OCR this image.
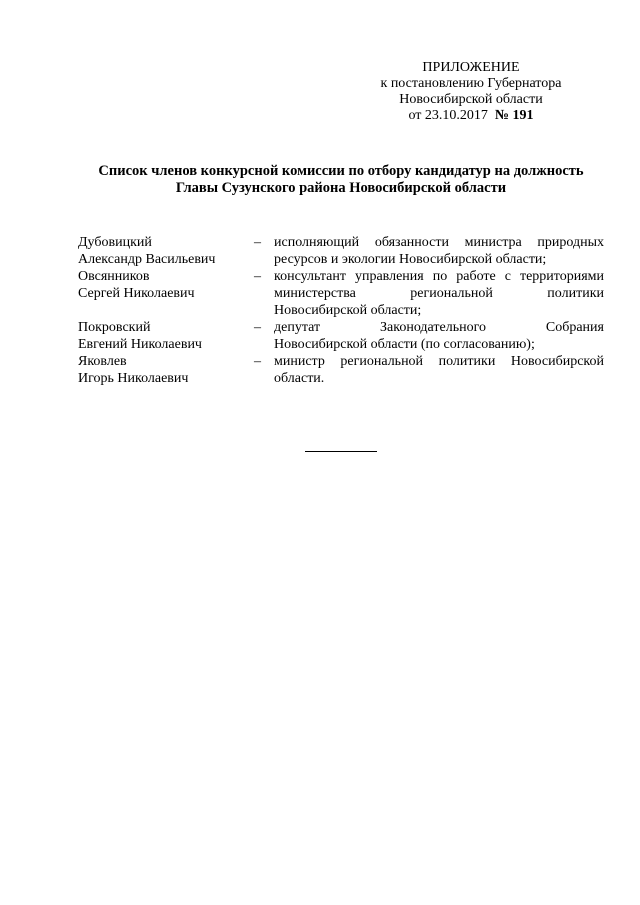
ПРИЛОЖЕНИЕ
к постановлению Губернатора
Новосибирской области
от 23.10.2017 № 191
Список членов конкурсной комиссии по отбору кандидатур на должность
Главы Сузунского района Новосибирской области
Дубовицкий
Александр Васильевич
– исполняющий обязанности министра природных
ресурсов и экологии Новосибирской области;
Овсянников
Сергей Николаевич
– консультант управления по работе с территориями
министерства региональной политики
Новосибирской области;
Покровский
Евгений Николаевич
– депутат Законодательного Собрания
Новосибирской области (по согласованию);
Яковлев
Игорь Николаевич
– министр региональной политики Новосибирской
области.
